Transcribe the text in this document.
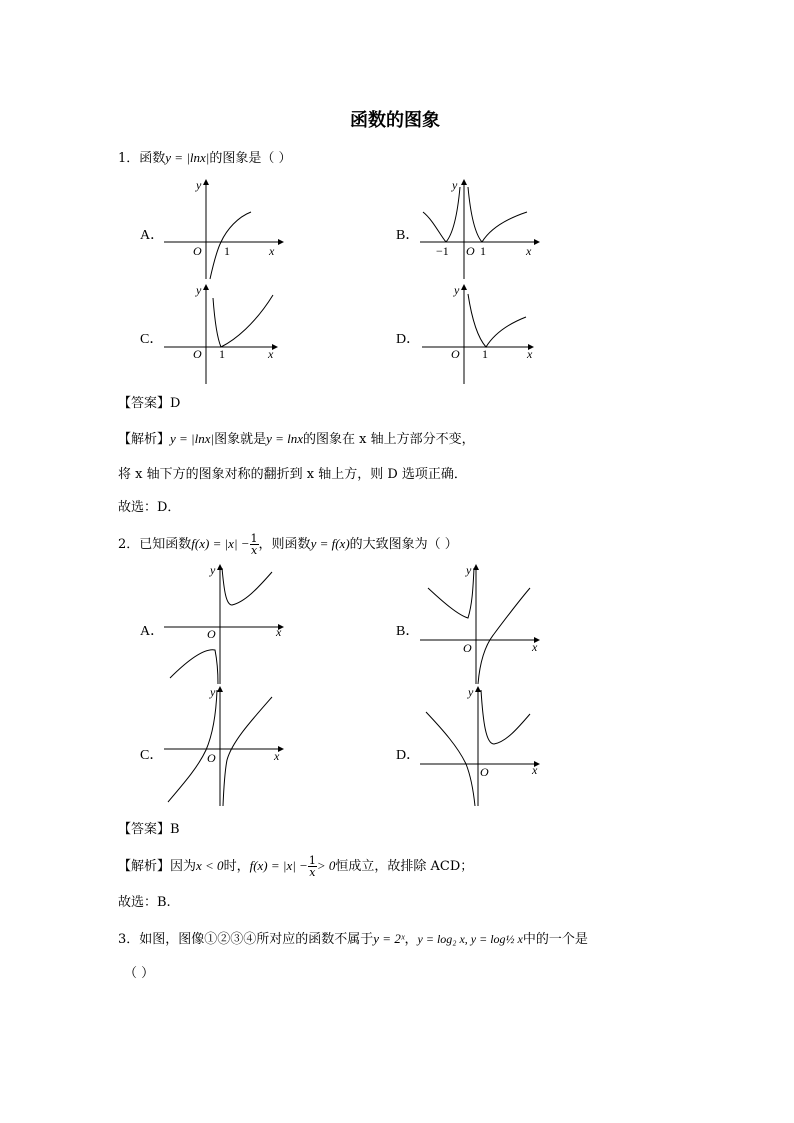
函数的图象
1．函数y = |lnx|的图象是（ ）
A．	B．
C．	D．
y
x
O 1
y
x
O
−1	1
y
x
O 1
y
x
O 1
【答案】D
【解析】y = |lnx|图象就是y = lnx的图象在 x 轴上方部分不变，
将 x 轴下方的图象对称的翻折到 x 轴上方，则 D 选项正确．
故选：D．
2．已知函数$f(x) = |x| - \frac{1}{x}$ ，则函数y = f(x)的大致图象为（ ）
A．	B．
C．	D．
y
x
O
y
x
O
y
x
O
y
x
O
【答案】B
【解析】因为x < 0时，$f(x) = |x| - \frac{1}{x} > 0$恒成立，故排除 ACD；
故选：B.
3．如图，图像①②③④所对应的函数不属于y = 2ˣ，y = log₂ x, y = log½ x中的一个是
（ ）
